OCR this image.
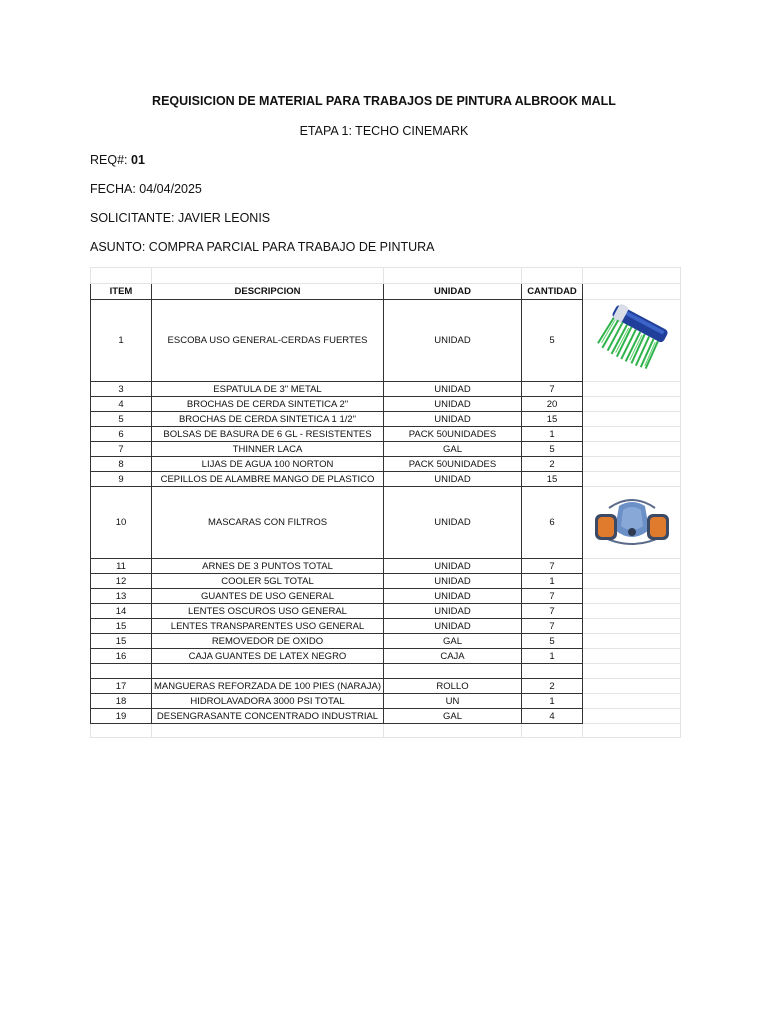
REQUISICION DE MATERIAL PARA TRABAJOS DE PINTURA ALBROOK MALL
ETAPA 1: TECHO CINEMARK
REQ#: 01
FECHA: 04/04/2025
SOLICITANTE: JAVIER LEONIS
ASUNTO: COMPRA PARCIAL PARA TRABAJO DE PINTURA

ITEM	DESCRIPCION	UNIDAD	CANTIDAD	
1	ESCOBA USO GENERAL-CERDAS FUERTES	UNIDAD	5	

3	ESPATULA DE 3" METAL	UNIDAD	7	
4	BROCHAS DE CERDA SINTETICA 2"	UNIDAD	20	
5	BROCHAS DE CERDA SINTETICA 1 1/2"	UNIDAD	15	
6	BOLSAS DE BASURA DE 6 GL - RESISTENTES	PACK 50UNIDADES	1	
7	THINNER LACA	GAL	5	
8	LIJAS DE AGUA 100 NORTON	PACK 50UNIDADES	2	
9	CEPILLOS DE ALAMBRE MANGO DE PLASTICO	UNIDAD	15	
10	MASCARAS CON FILTROS	UNIDAD	6	

11	ARNES DE 3 PUNTOS TOTAL	UNIDAD	7	
12	COOLER 5GL TOTAL	UNIDAD	1	
13	GUANTES DE USO GENERAL	UNIDAD	7	
14	LENTES OSCUROS USO GENERAL	UNIDAD	7	
15	LENTES TRANSPARENTES USO GENERAL	UNIDAD	7	
15	REMOVEDOR DE OXIDO	GAL	5	
16	CAJA GUANTES DE LATEX NEGRO	CAJA	1	

17	MANGUERAS REFORZADA DE 100 PIES (NARAJA)	ROLLO	2	
18	HIDROLAVADORA 3000 PSI TOTAL	UN	1	
19	DESENGRASANTE CONCENTRADO INDUSTRIAL	GAL	4	
